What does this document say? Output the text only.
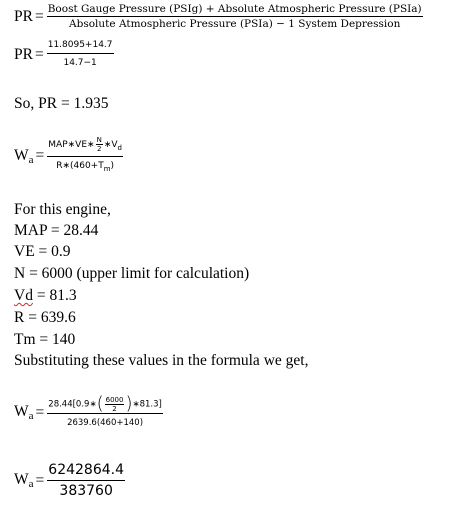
PR = Boost Gauge Pressure (PSIg) + Absolute Atmospheric Pressure (PSIa)
Absolute Atmospheric Pressure (PSIa) − 1 System Depression
PR = $\frac{11.8095+14.7}{14.7-1}$
So, PR = 1.935
$W_a = \frac{MAP∗VE∗ \frac{N}{2} ∗V_d}{R∗(460+T_m)}$
For this engine,
MAP = 28.44
VE = 0.9
N = 6000 (upper limit for calculation)
Vd = 81.3
R = 639.6
Tm = 140
Substituting these values in the formula we get,
$W_a = \frac{28.44[0.9∗ ( \frac{6000}{2} ) ∗81.3]}{2639.6(460+140)}$
$W_a = \frac{6242864.4}{383760}$
